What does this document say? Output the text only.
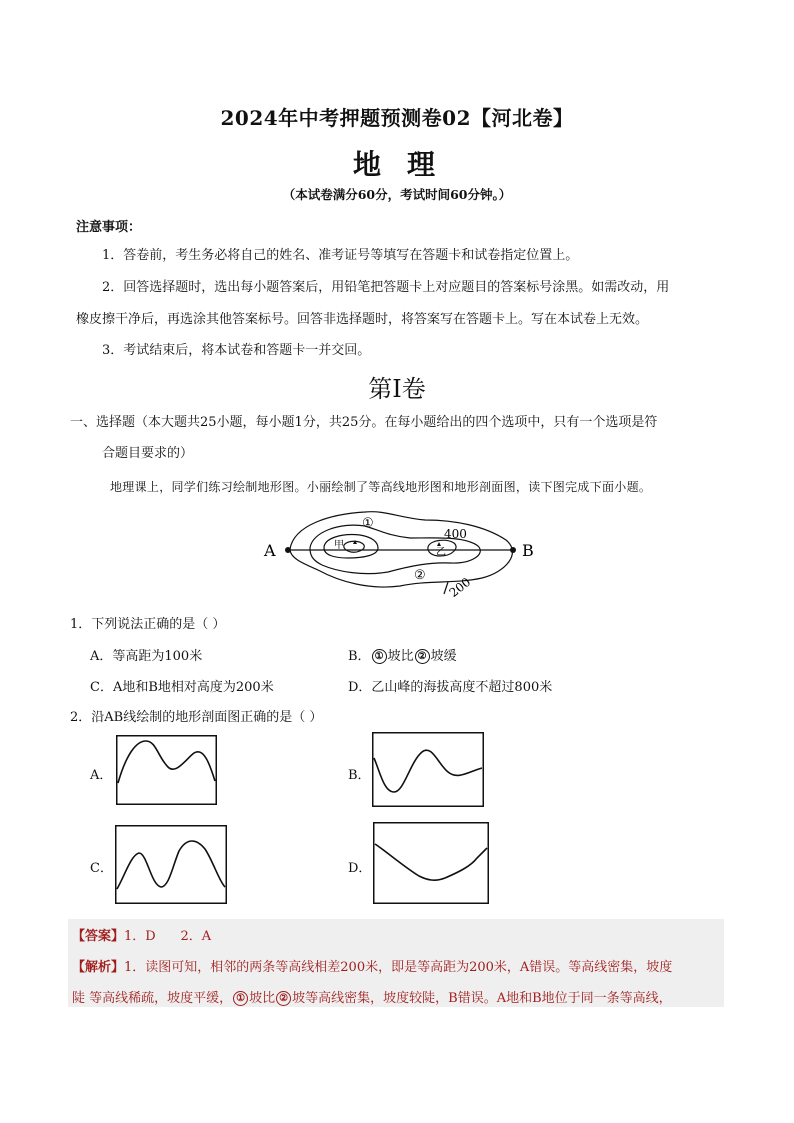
2024年中考押题预测卷02【河北卷】
地理
（本试卷满分60分，考试时间60分钟。）
注意事项：
1．答卷前，考生务必将自己的姓名、准考证号等填写在答题卡和试卷指定位置上。
2．回答选择题时，选出每小题答案后，用铅笔把答题卡上对应题目的答案标号涂黑。如需改动，用
橡皮擦干净后，再选涂其他答案标号。回答非选择题时，将答案写在答题卡上。写在本试卷上无效。
3．考试结束后，将本试卷和答题卡一并交回。
第Ⅰ卷
一、选择题（本大题共25小题，每小题1分，共25分。在每小题给出的四个选项中，只有一个选项是符
合题目要求的）
地理课上，同学们练习绘制地形图。小丽绘制了等高线地形图和地形剖面图，读下图完成下面小题。
A	B
400
200
①
②
甲
乙
1．下列说法正确的是（ ）
A．等高距为100米	B． ① 坡比 ② 坡缓
C．A地和B地相对高度为200米	D．乙山峰的海拔高度不超过800米
2．沿AB线绘制的地形剖面图正确的是（ ）
A．	B．
C．	D．
【答案】1．D      2．A
【解析】1．读图可知，相邻的两条等高线相差200米，即是等高距为200米，A错误。等高线密集，坡度
陡 等高线稀疏，坡度平缓， ① 坡比 ② 坡等高线密集，坡度较陡，B错误。A地和B地位于同一条等高线，
